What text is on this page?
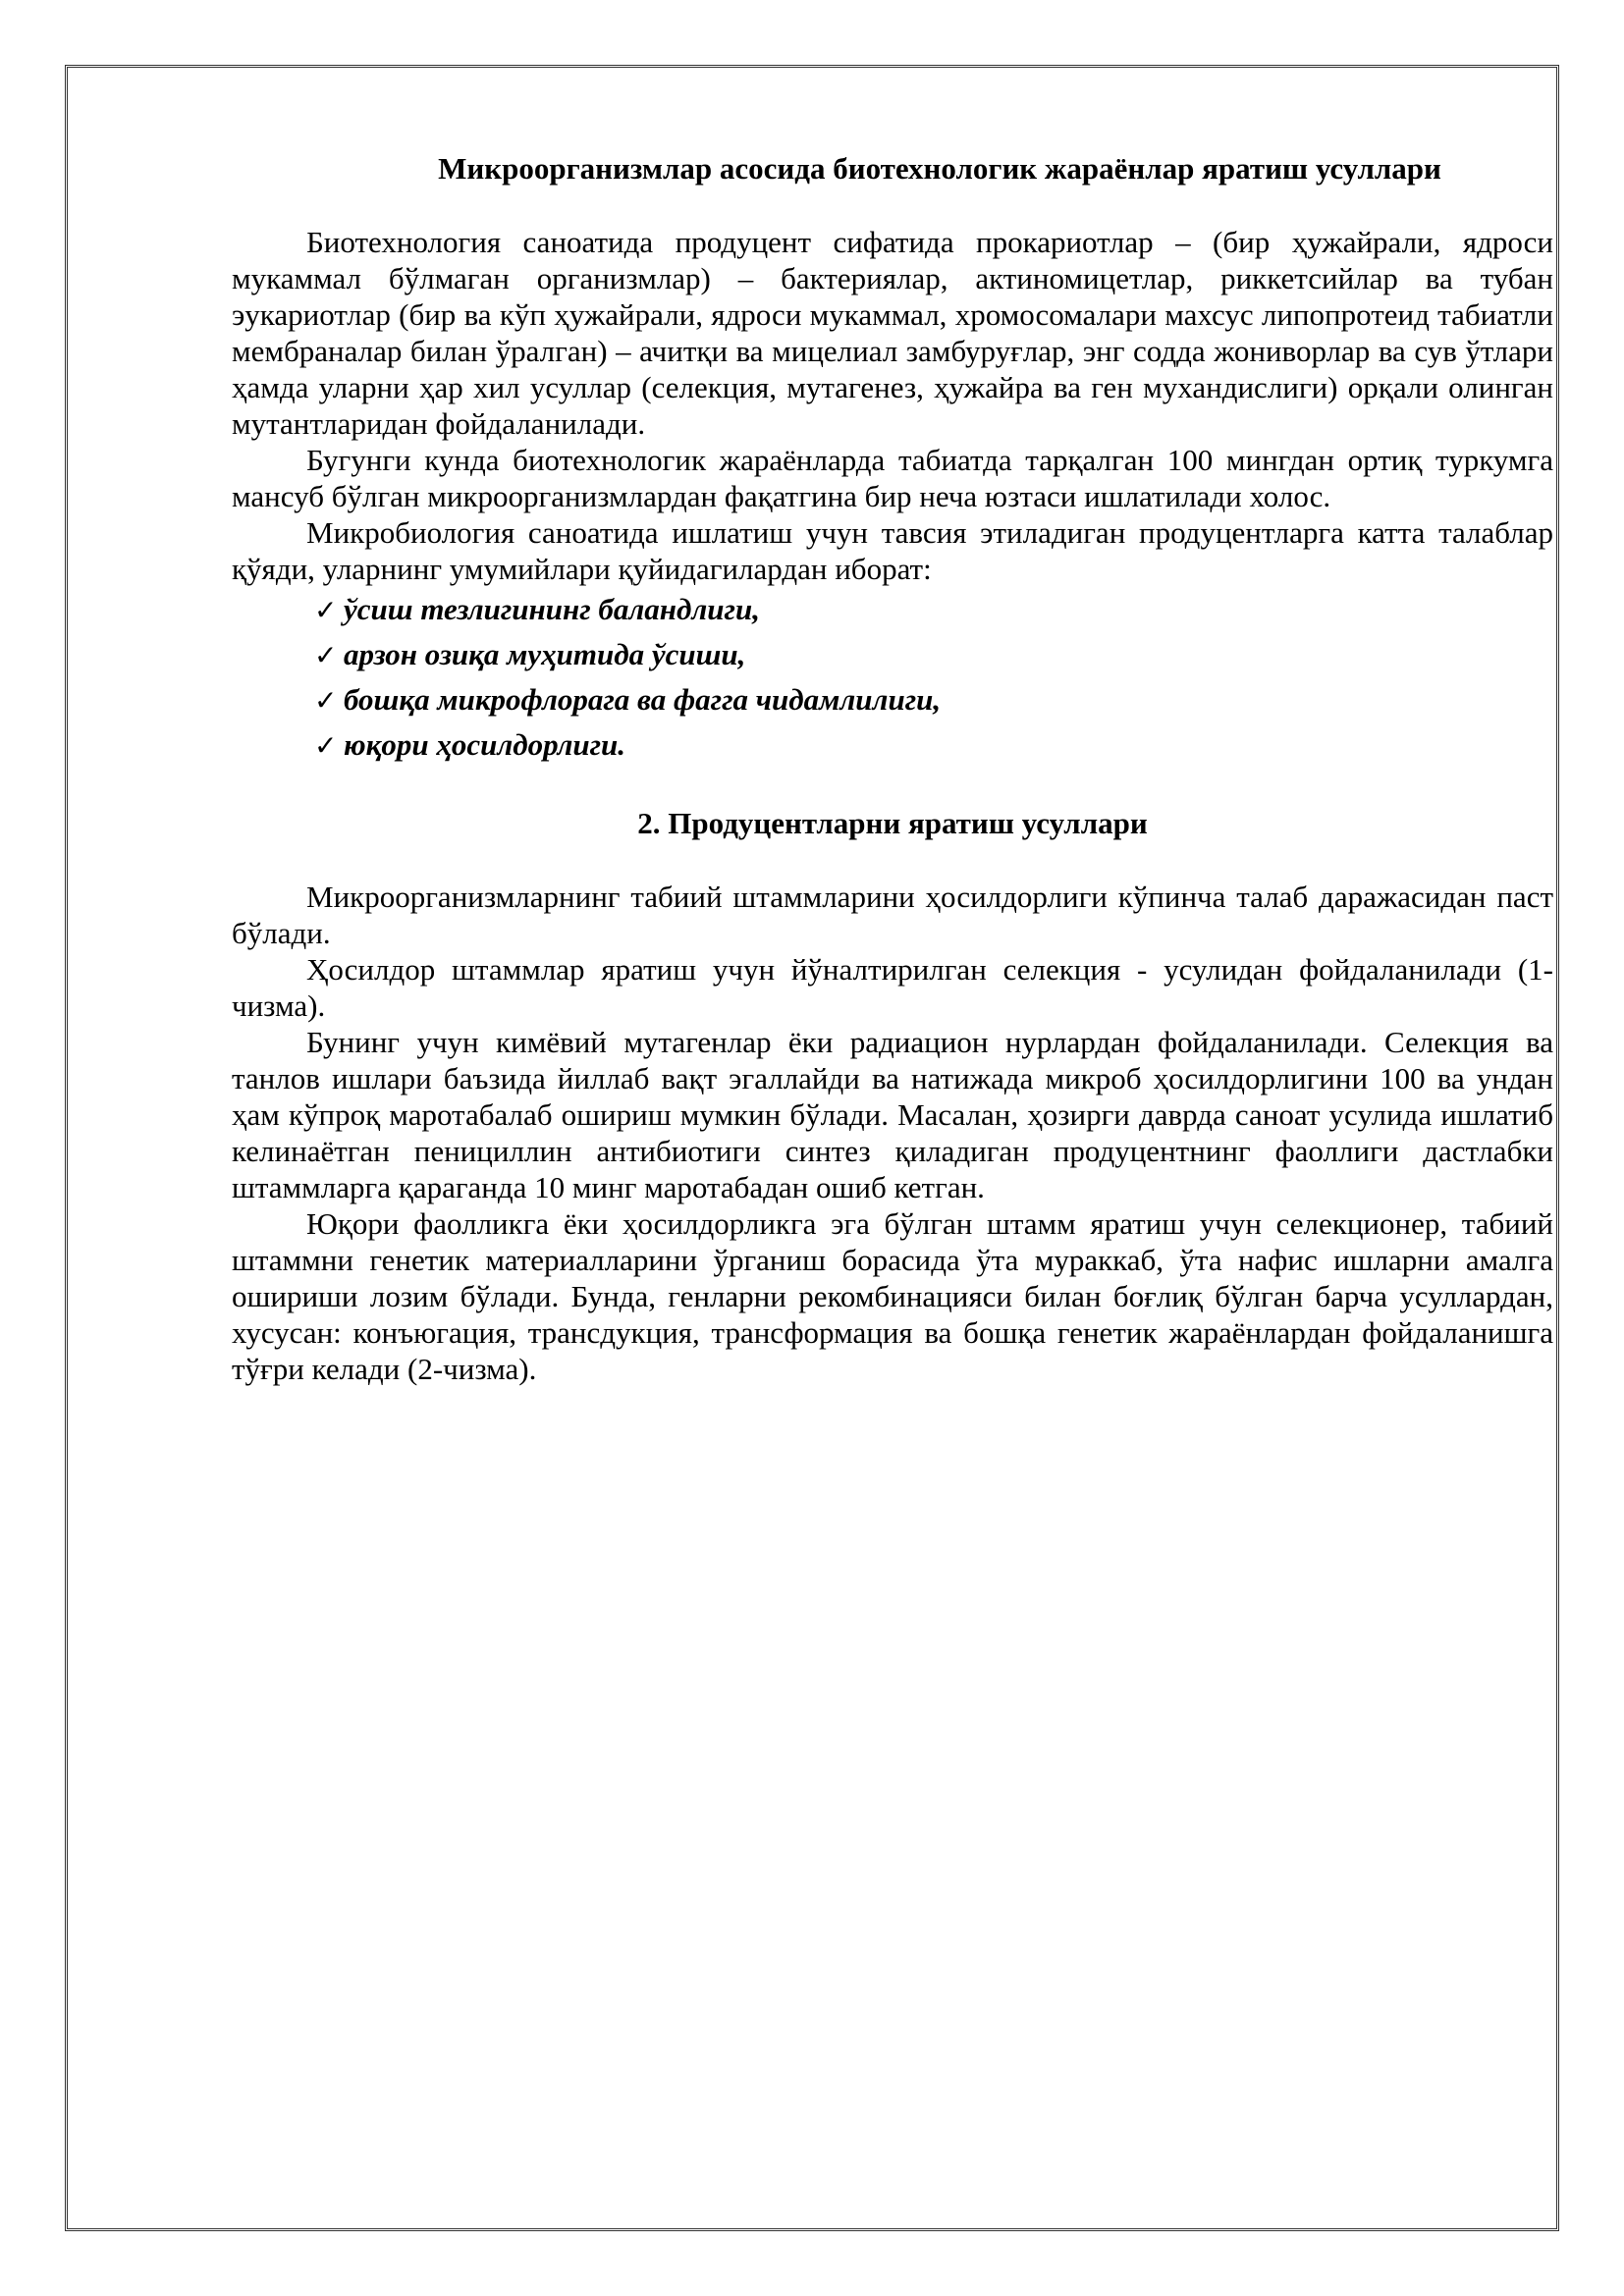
Микроорганизмлар асосида биотехнологик жараёнлар яратиш усуллари

Биотехнология саноатида продуцент сифатида прокариотлар – (бир ҳужайрали, ядроси мукаммал бўлмаган организмлар) – бактериялар, актиномицетлар, риккетсийлар ва тубан эукариотлар (бир ва кўп ҳужайрали, ядроси мукаммал, хромосомалари махсус липопротеид табиатли мембраналар билан ўралган) – ачитқи ва мицелиал замбуруғлар, энг содда жониворлар ва сув ўтлари ҳамда уларни ҳар хил усуллар (селекция, мутагенез, ҳужайра ва ген мухандислиги) орқали олинган мутантларидан фойдаланилади.

Бугунги кунда биотехнологик жараёнларда табиатда тарқалган 100 мингдан ортиқ туркумга мансуб бўлган микроорганизмлардан фақатгина бир неча юзтаси ишлатилади холос.

Микробиология саноатида ишлатиш учун тавсия этиладиган продуцентларга катта талаблар қўяди, уларнинг умумийлари қуйидагилардан иборат:

✓ ўсиш тезлигининг баландлиги,
✓ арзон озиқа муҳитида ўсиши,
✓ бошқа микрофлорага ва фагга чидамлилиги,
✓ юқори ҳосилдорлиги.
2. Продуцентларни яратиш усуллари

Микроорганизмларнинг табиий штаммларини ҳосилдорлиги кўпинча талаб даражасидан паст бўлади.

Ҳосилдор штаммлар яратиш учун йўналтирилган селекция - усулидан фойдаланилади (1-чизма).

Бунинг учун кимёвий мутагенлар ёки радиацион нурлардан фойдаланилади. Селекция ва танлов ишлари баъзида йиллаб вақт эгаллайди ва натижада микроб ҳосилдорлигини 100 ва ундан ҳам кўпроқ маротабалаб ошириш мумкин бўлади. Масалан, ҳозирги даврда саноат усулида ишлатиб келинаётган пенициллин антибиотиги синтез қиладиган продуцентнинг фаоллиги дастлабки штаммларга қараганда 10 минг маротабадан ошиб кетган.

Юқори фаолликга ёки ҳосилдорликга эга бўлган штамм яратиш учун селекционер, табиий штаммни генетик материалларини ўрганиш борасида ўта мураккаб, ўта нафис ишларни амалга ошириши лозим бўлади. Бунда, генларни рекомбинацияси билан боғлиқ бўлган барча усуллардан, хусусан: конъюгация, трансдукция, трансформация ва бошқа генетик жараёнлардан фойдаланишга тўғри келади (2-чизма).
